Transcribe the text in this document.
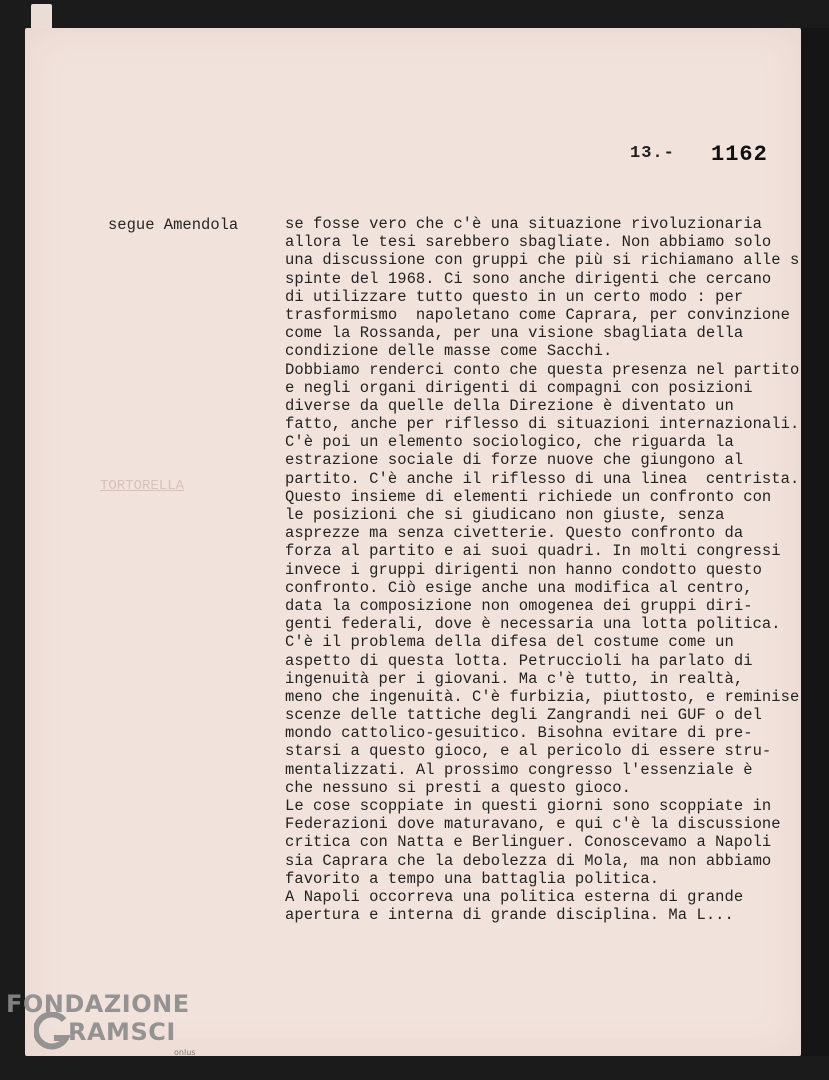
13.- 1162
TORTORELLA
segue Amendola	se fosse vero che c'è una situazione rivoluzionaria
allora le tesi sarebbero sbagliate. Non abbiamo solo
una discussione con gruppi che più si richiamano alle s
spinte del 1968. Ci sono anche dirigenti che cercano
di utilizzare tutto questo in un certo modo : per
trasformismo  napoletano come Caprara, per convinzione
come la Rossanda, per una visione sbagliata della
condizione delle masse come Sacchi.
Dobbiamo renderci conto che questa presenza nel partito
e negli organi dirigenti di compagni con posizioni
diverse da quelle della Direzione è diventato un
fatto, anche per riflesso di situazioni internazionali.
C'è poi un elemento sociologico, che riguarda la
estrazione sociale di forze nuove che giungono al
partito. C'è anche il riflesso di una linea  centrista.
Questo insieme di elementi richiede un confronto con
le posizioni che si giudicano non giuste, senza
asprezze ma senza civetterie. Questo confronto da
forza al partito e ai suoi quadri. In molti congressi
invece i gruppi dirigenti non hanno condotto questo
confronto. Ciò esige anche una modifica al centro,
data la composizione non omogenea dei gruppi diri-
genti federali, dove è necessaria una lotta politica.
C'è il problema della difesa del costume come un
aspetto di questa lotta. Petruccioli ha parlato di
ingenuità per i giovani. Ma c'è tutto, in realtà,
meno che ingenuità. C'è furbizia, piuttosto, e reminise
scenze delle tattiche degli Zangrandi nei GUF o del
mondo cattolico-gesuitico. Bisohna evitare di pre-
starsi a questo gioco, e al pericolo di essere stru-
mentalizzati. Al prossimo congresso l'essenziale è
che nessuno si presti a questo gioco.
Le cose scoppiate in questi giorni sono scoppiate in
Federazioni dove maturavano, e qui c'è la discussione
critica con Natta e Berlinguer. Conoscevamo a Napoli
sia Caprara che la debolezza di Mola, ma non abbiamo
favorito a tempo una battaglia politica.
A Napoli occorreva una politica esterna di grande
apertura e interna di grande disciplina. Ma L...
FONDAZIONE
RAMSCI
onlus
